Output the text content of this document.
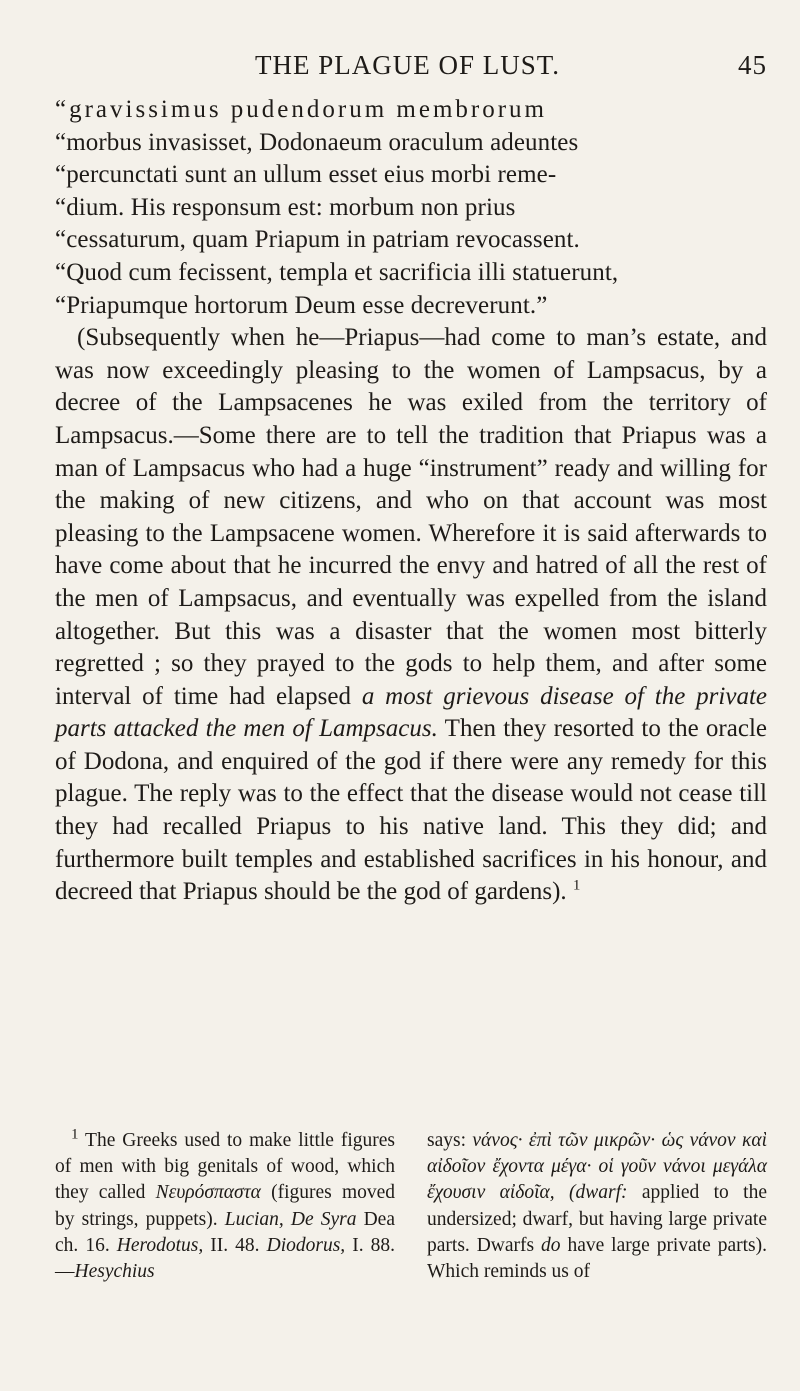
THE PLAGUE OF LUST.	45

“gravissimus pudendorum membrorum

“morbus invasisset, Dodonaeum oraculum adeuntes

“percunctati sunt an ullum esset eius morbi reme-

“dium. His responsum est: morbum non prius

“cessaturum, quam Priapum in patriam revocassent.

“Quod cum fecissent, templa et sacrificia illi statuerunt,

“Priapumque hortorum Deum esse decreverunt.”

(Subsequently when he—Priapus—had come to man’s estate, and was now exceedingly pleasing to the women of Lampsacus, by a decree of the Lampsacenes he was exiled from the territory of Lampsacus.—Some there are to tell the tradition that Priapus was a man of Lampsacus who had a huge “instrument” ready and willing for the making of new citizens, and who on that account was most pleasing to the Lampsacene women. Wherefore it is said afterwards to have come about that he incurred the envy and hatred of all the rest of the men of Lampsacus, and eventually was expelled from the island altogether. But this was a disaster that the women most bitterly regretted ; so they prayed to the gods to help them, and after some interval of time had elapsed a most grievous disease of the private parts attacked the men of Lampsacus. Then they resorted to the oracle of Dodona, and enquired of the god if there were any remedy for this plague. The reply was to the effect that the disease would not cease till they had recalled Priapus to his native land. This they did; and furthermore built temples and established sacrifices in his honour, and decreed that Priapus should be the god of gardens). $^1$

$^1$ The Greeks used to make little figures of men with big genitals of wood, which they called Νευρόσπαστα (figures moved by strings, puppets). Lucian, De Syra Dea ch. 16. Herodotus, II. 48. Diodorus, I. 88.—Hesychius
says: νάνος· ἐπὶ τῶν μικρῶν· ὡς νάνον καὶ αἰδοῖον ἔχοντα μέγα· οἱ γοῦν νάνοι μεγάλα ἔχουσιν αἰδοῖα, (dwarf: applied to the undersized; dwarf, but having large private parts. Dwarfs do have large private parts). Which reminds us of
